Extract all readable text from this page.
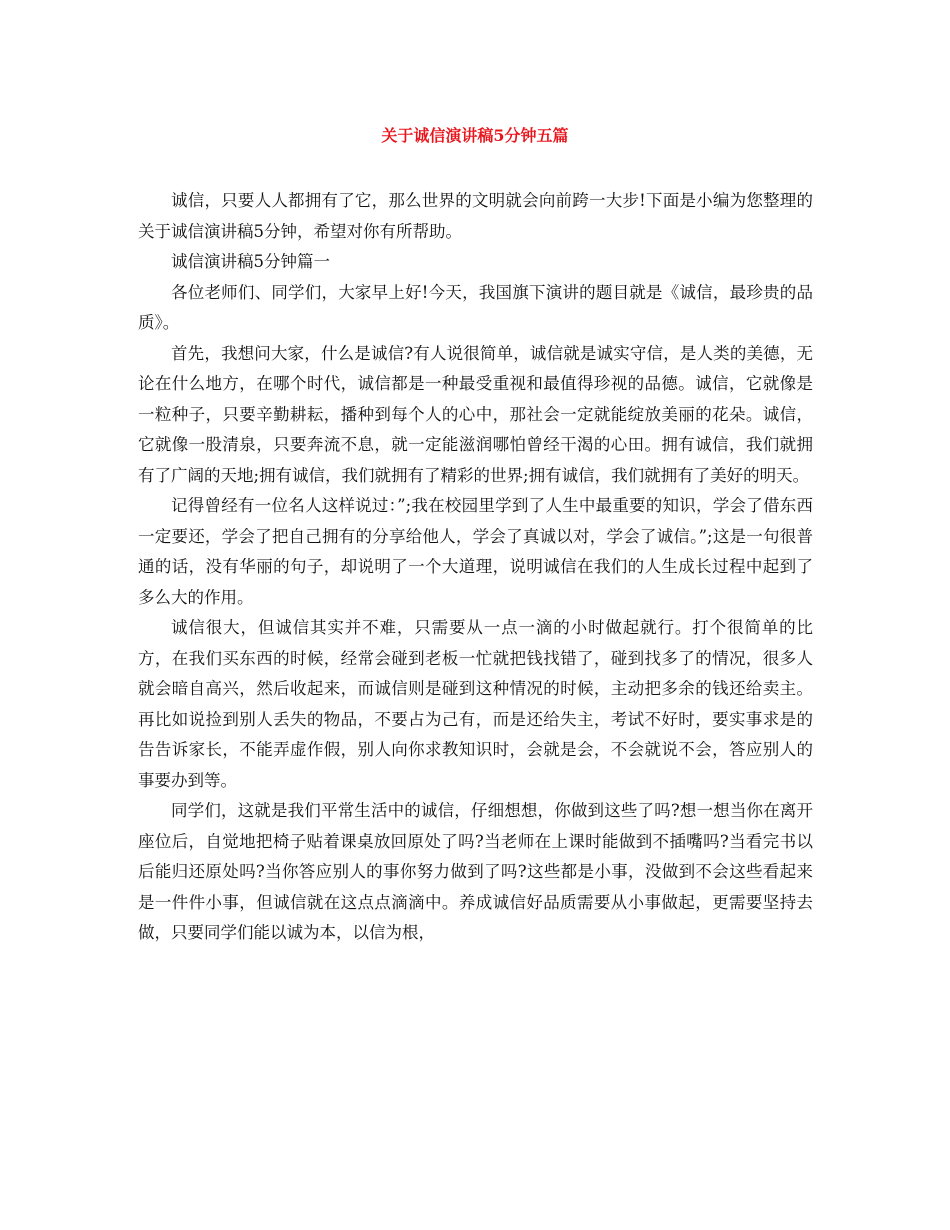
关于诚信演讲稿5分钟五篇

诚信，只要人人都拥有了它，那么世界的文明就会向前跨一大步!下面是小编为您整理的关于诚信演讲稿5分钟，希望对你有所帮助。

诚信演讲稿5分钟篇一

各位老师们、同学们，大家早上好!今天，我国旗下演讲的题目就是《诚信，最珍贵的品质》。

首先，我想问大家，什么是诚信?有人说很简单，诚信就是诚实守信，是人类的美德，无论在什么地方，在哪个时代，诚信都是一种最受重视和最值得珍视的品德。诚信，它就像是一粒种子，只要辛勤耕耘，播种到每个人的心中，那社会一定就能绽放美丽的花朵。诚信，它就像一股清泉，只要奔流不息，就一定能滋润哪怕曾经干渴的心田。拥有诚信，我们就拥有了广阔的天地;拥有诚信，我们就拥有了精彩的世界;拥有诚信，我们就拥有了美好的明天。

记得曾经有一位名人这样说过：”;我在校园里学到了人生中最重要的知识，学会了借东西一定要还，学会了把自己拥有的分享给他人，学会了真诚以对，学会了诚信。”;这是一句很普通的话，没有华丽的句子，却说明了一个大道理，说明诚信在我们的人生成长过程中起到了多么大的作用。

诚信很大，但诚信其实并不难，只需要从一点一滴的小时做起就行。打个很简单的比方，在我们买东西的时候，经常会碰到老板一忙就把钱找错了，碰到找多了的情况，很多人就会暗自高兴，然后收起来，而诚信则是碰到这种情况的时候，主动把多余的钱还给卖主。再比如说捡到别人丢失的物品，不要占为己有，而是还给失主，考试不好时，要实事求是的告告诉家长，不能弄虚作假，别人向你求教知识时，会就是会，不会就说不会，答应别人的事要办到等。

同学们，这就是我们平常生活中的诚信，仔细想想，你做到这些了吗?想一想当你在离开座位后，自觉地把椅子贴着课桌放回原处了吗?当老师在上课时能做到不插嘴吗?当看完书以后能归还原处吗?当你答应别人的事你努力做到了吗?这些都是小事，没做到不会这些看起来是一件件小事，但诚信就在这点点滴滴中。养成诚信好品质需要从小事做起，更需要坚持去做，只要同学们能以诚为本，以信为根，
